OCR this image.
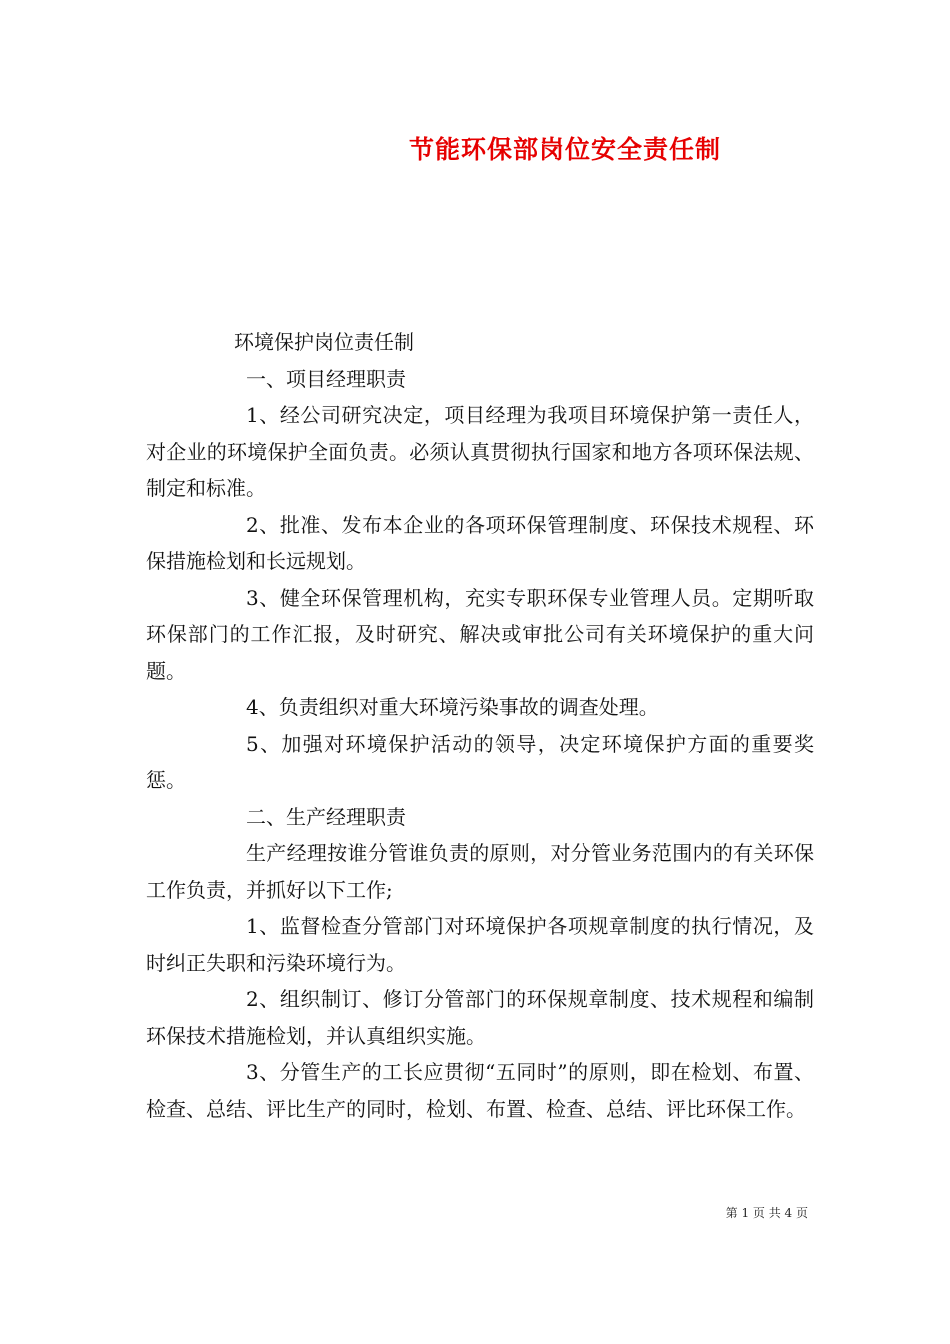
节能环保部岗位安全责任制

环境保护岗位责任制

一、项目经理职责

1、经公司研究决定，项目经理为我项目环境保护第一责任人，对企业的环境保护全面负责。必须认真贯彻执行国家和地方各项环保法规、制定和标准。

2、批准、发布本企业的各项环保管理制度、环保技术规程、环保措施检划和长远规划。

3、健全环保管理机构，充实专职环保专业管理人员。定期听取环保部门的工作汇报，及时研究、解决或审批公司有关环境保护的重大问题。

4、负责组织对重大环境污染事故的调查处理。

5、加强对环境保护活动的领导，决定环境保护方面的重要奖惩。

二、生产经理职责

生产经理按谁分管谁负责的原则，对分管业务范围内的有关环保工作负责，并抓好以下工作;

1、监督检查分管部门对环境保护各项规章制度的执行情况，及时纠正失职和污染环境行为。

2、组织制订、修订分管部门的环保规章制度、技术规程和编制环保技术措施检划，并认真组织实施。

3、分管生产的工长应贯彻“五同时”的原则，即在检划、布置、检查、总结、评比生产的同时，检划、布置、检查、总结、评比环保工作。

第 1 页 共 4 页
